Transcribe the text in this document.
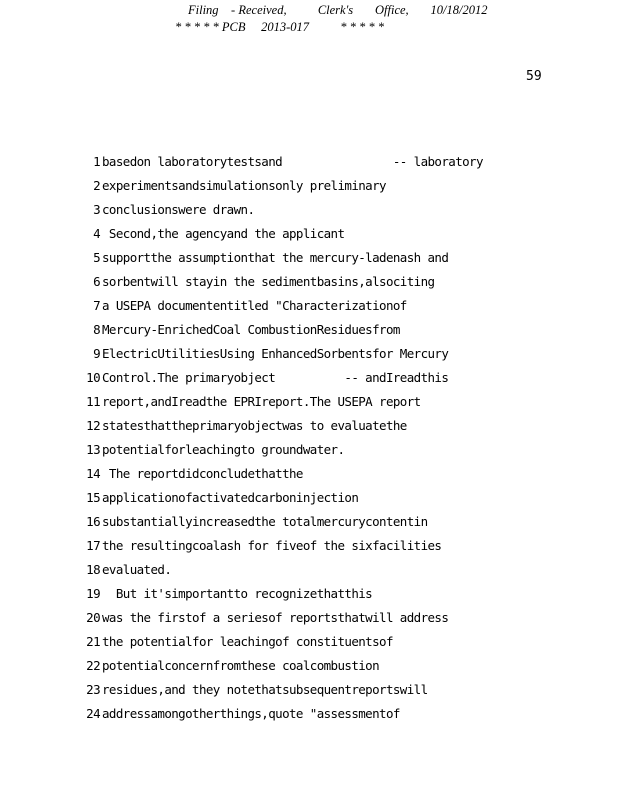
Filing    - Received,          Clerk's       Office,       10/18/2012
* * * * * PCB     2013-017          * * * * *
59
1 basedon laboratorytestsand                -- laboratory
2 experimentsandsimulationsonly preliminary
3 conclusionswere drawn.
4 Second,the agencyand the applicant
5 supportthe assumptionthat the mercury-ladenash and
6 sorbentwill stayin the sedimentbasins,alsociting
7 a USEPA documententitled "Characterizationof
8 Mercury-EnrichedCoal CombustionResiduesfrom
9 ElectricUtilitiesUsing EnhancedSorbentsfor Mercury
10 Control.The primaryobject          -- andIreadthis
11 report,andIreadthe EPRIreport.The USEPA report
12 statesthattheprimaryobjectwas to evaluatethe
13 potentialforleachingto groundwater.
14 The reportdidconcludethatthe
15 applicationofactivatedcarboninjection
16 substantiallyincreasedthe totalmercurycontentin
17 the resultingcoalash for fiveof the sixfacilities
18 evaluated.
19  But it'simportantto recognizethatthis
20 was the firstof a seriesof reportsthatwill address
21 the potentialfor leachingof constituentsof
22 potentialconcernfromthese coalcombustion
23 residues,and they notethatsubsequentreportswill
24 addressamongotherthings,quote "assessmentof
